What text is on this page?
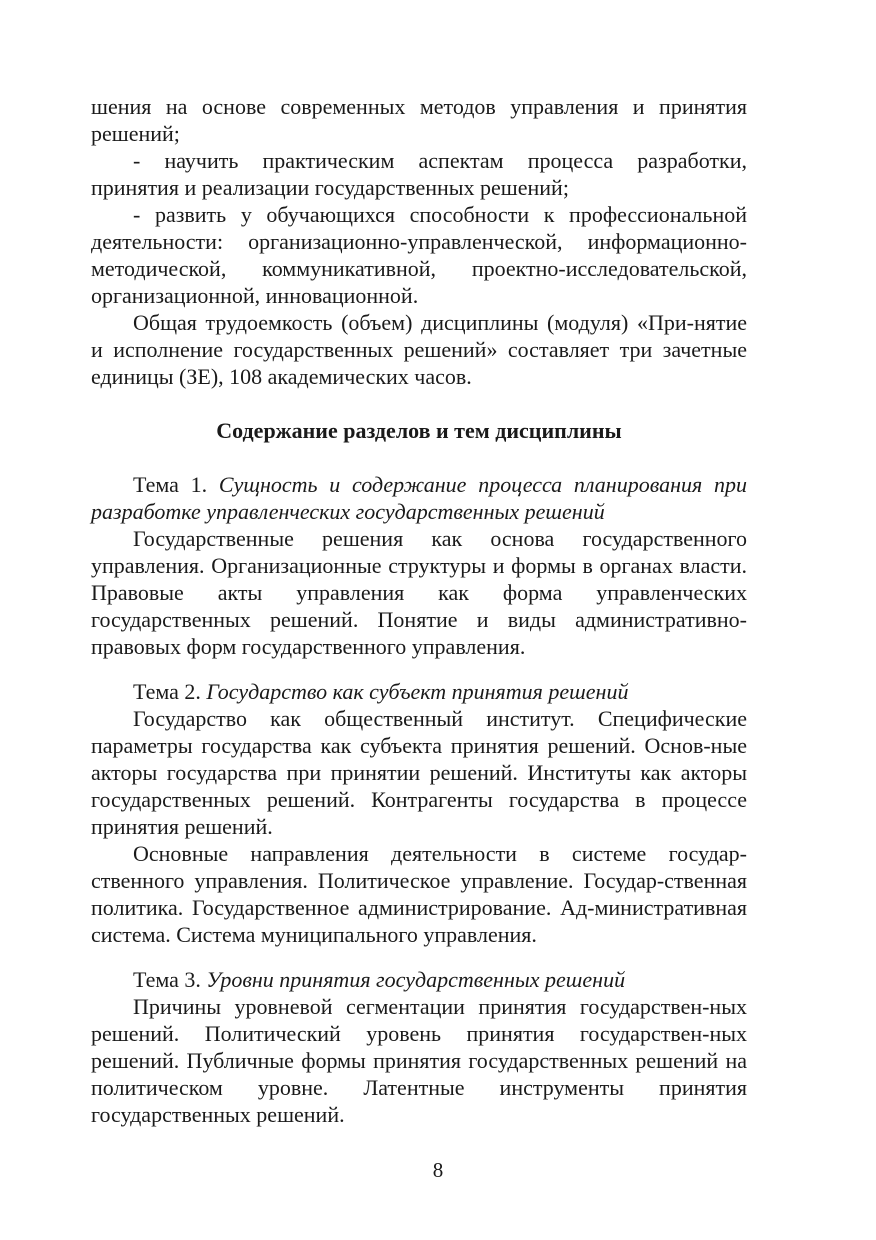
шения на основе современных методов управления и принятия решений;

- научить практическим аспектам процесса разработки, принятия и реализации государственных решений;

- развить у обучающихся способности к профессиональной деятельности: организационно-управленческой, информационно-методической, коммуникативной, проектно-исследовательской, организационной, инновационной.

Общая трудоемкость (объем) дисциплины (модуля) «При-нятие и исполнение государственных решений» составляет три зачетные единицы (ЗЕ), 108 академических часов.

Содержание разделов и тем дисциплины

Тема 1. Сущность и содержание процесса планирования при разработке управленческих государственных решений

Государственные решения как основа государственного управления. Организационные структуры и формы в органах власти. Правовые акты управления как форма управленческих государственных решений. Понятие и виды административно-правовых форм государственного управления.

Тема 2. Государство как субъект принятия решений

Государство как общественный институт. Специфические параметры государства как субъекта принятия решений. Основ-ные акторы государства при принятии решений. Институты как акторы государственных решений. Контрагенты государства в процессе принятия решений.

Основные направления деятельности в системе государ-ственного управления. Политическое управление. Государ-ственная политика. Государственное администрирование. Ад-министративная система. Система муниципального управления.

Тема 3. Уровни принятия государственных решений

Причины уровневой сегментации принятия государствен-ных решений. Политический уровень принятия государствен-ных решений. Публичные формы принятия государственных решений на политическом уровне. Латентные инструменты принятия государственных решений.

8
